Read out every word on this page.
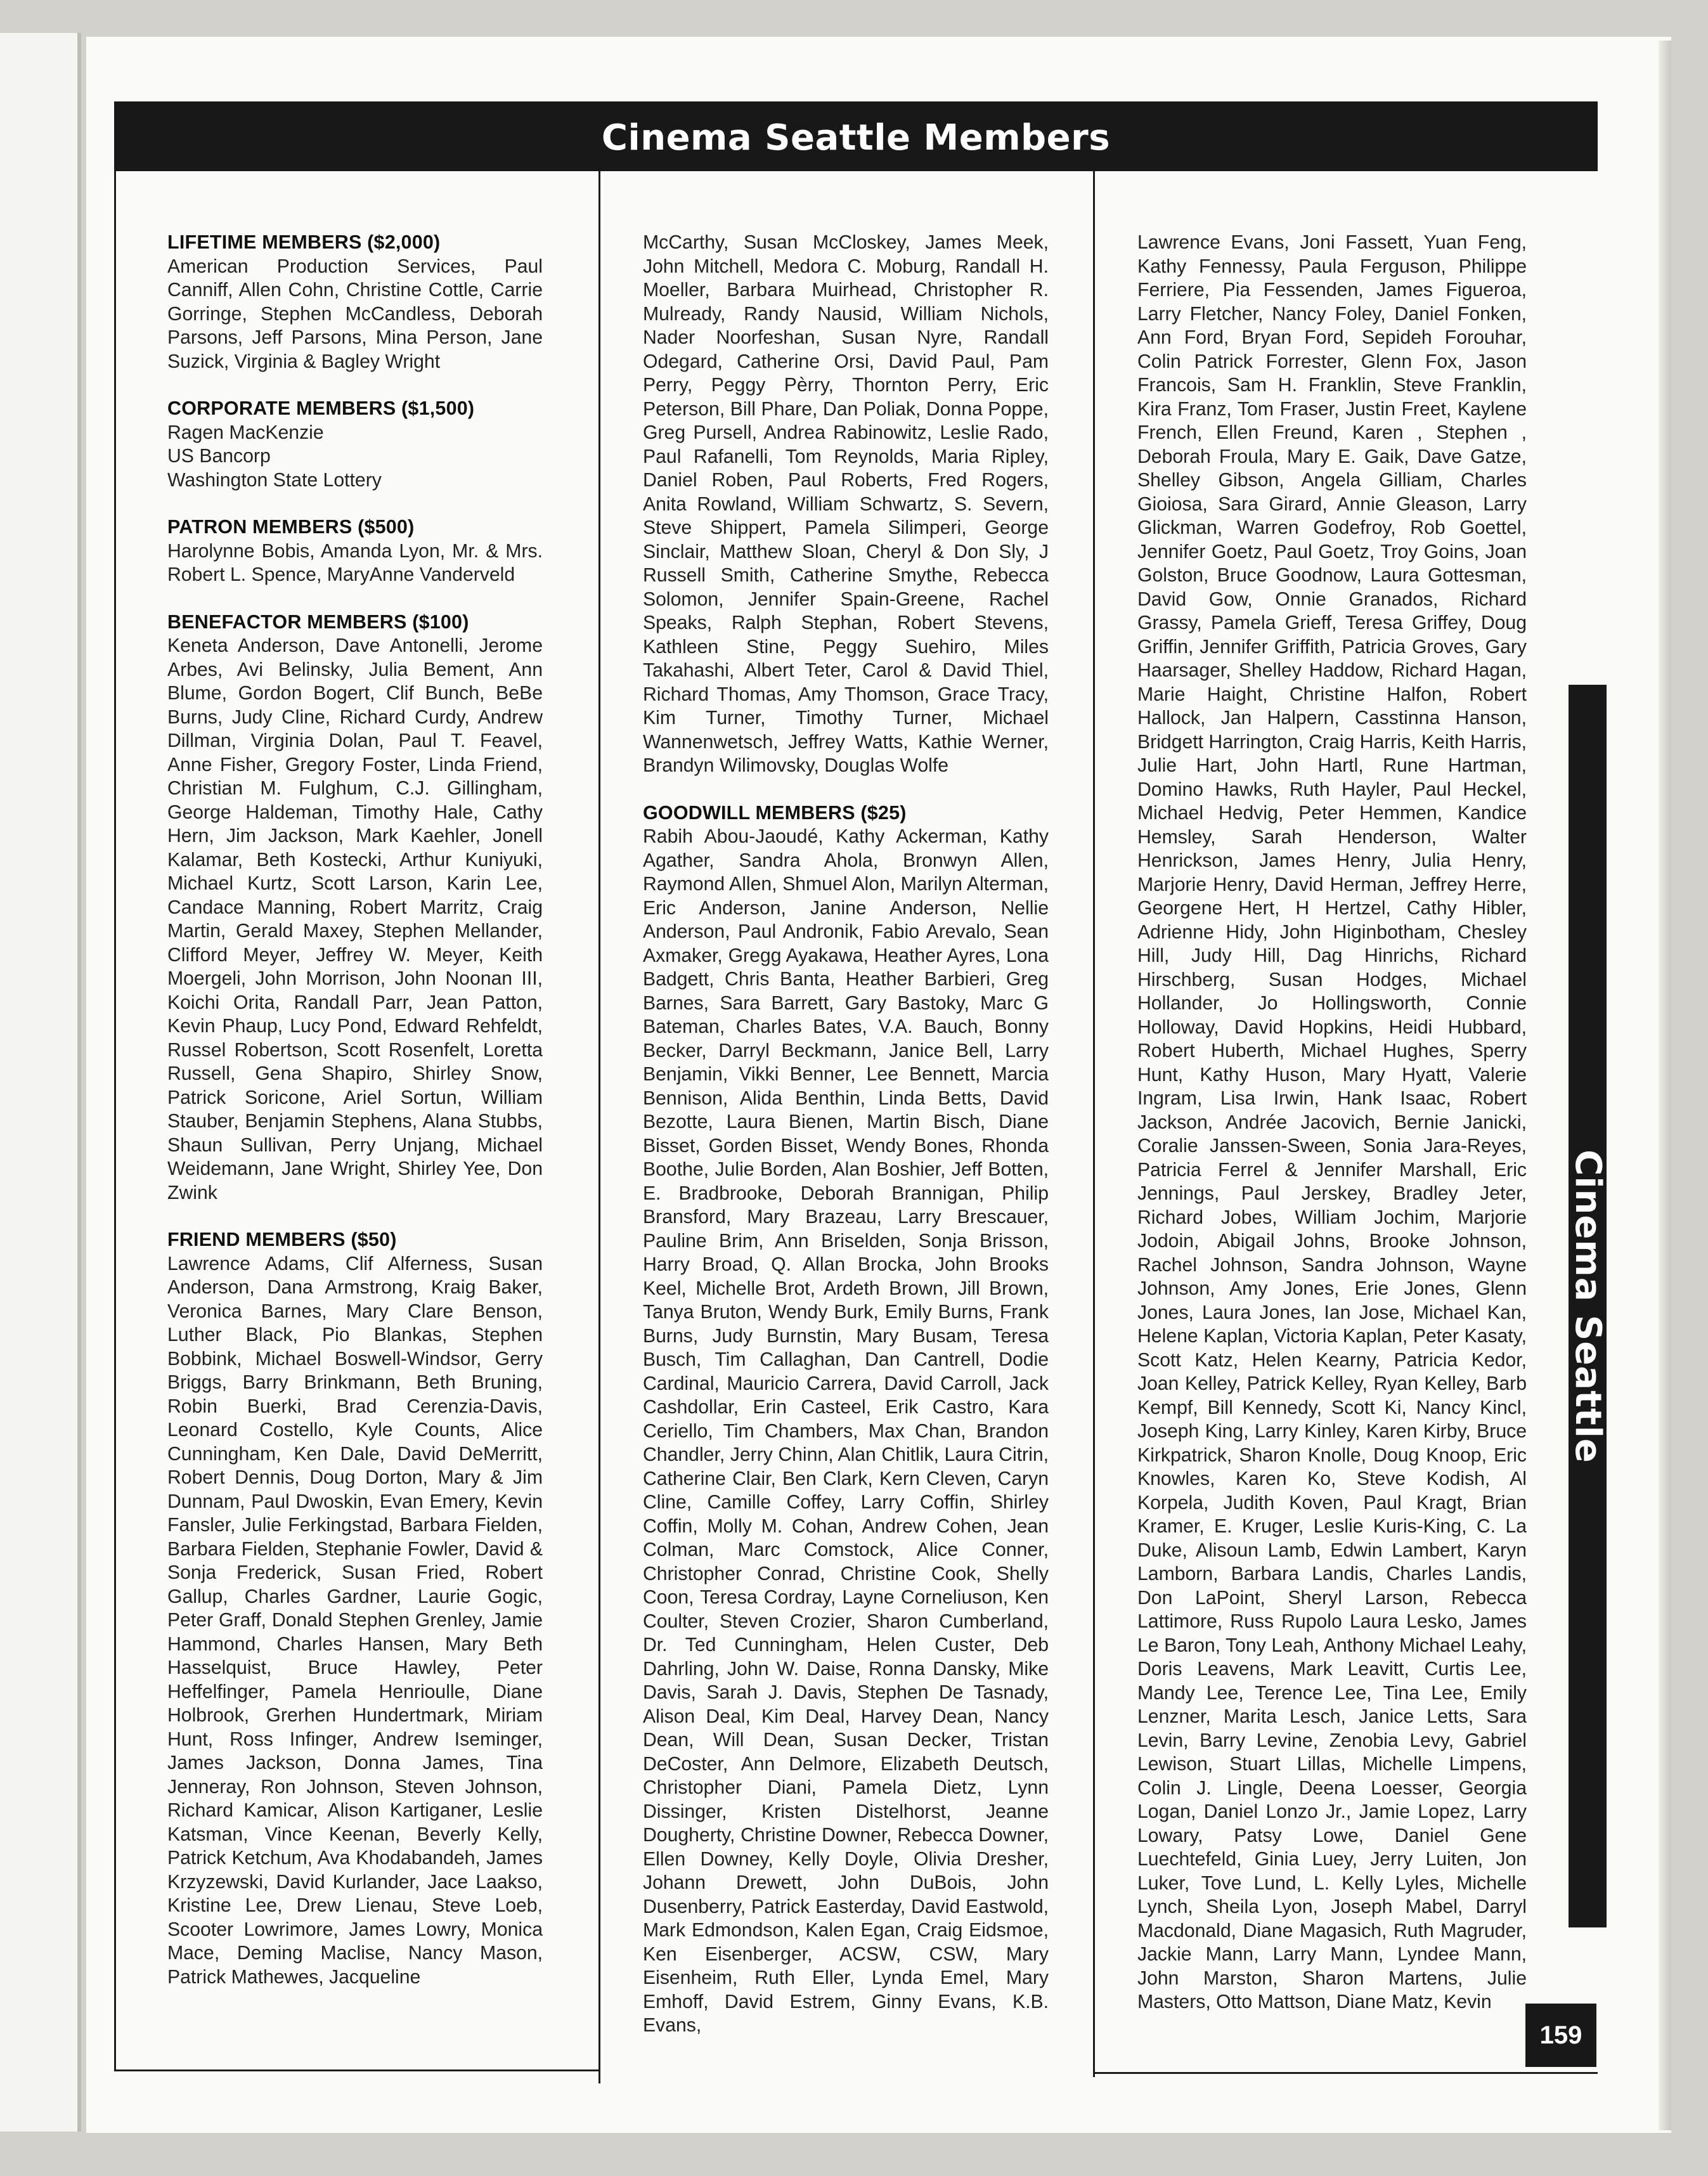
Cinema Seattle Members
LIFETIME MEMBERS ($2,000)
American Production Services, Paul Canniff, Allen Cohn, Christine Cottle, Carrie Gorringe, Stephen McCandless, Deborah Parsons, Jeff Parsons, Mina Person, Jane Suzick, Virginia & Bagley Wright
CORPORATE MEMBERS ($1,500)
Ragen MacKenzie
US Bancorp
Washington State Lottery
PATRON MEMBERS ($500)
Harolynne Bobis, Amanda Lyon, Mr. & Mrs. Robert L. Spence, MaryAnne Vanderveld
BENEFACTOR MEMBERS ($100)
Keneta Anderson, Dave Antonelli, Jerome Arbes, Avi Belinsky, Julia Bement, Ann Blume, Gordon Bogert, Clif Bunch, BeBe Burns, Judy Cline, Richard Curdy, Andrew Dillman, Virginia Dolan, Paul T. Feavel, Anne Fisher, Gregory Foster, Linda Friend, Christian M. Fulghum, C.J. Gillingham, George Haldeman, Timothy Hale, Cathy Hern, Jim Jackson, Mark Kaehler, Jonell Kalamar, Beth Kostecki, Arthur Kuniyuki, Michael Kurtz, Scott Larson, Karin Lee, Candace Manning, Robert Marritz, Craig Martin, Gerald Maxey, Stephen Mellander, Clifford Meyer, Jeffrey W. Meyer, Keith Moergeli, John Morrison, John Noonan III, Koichi Orita, Randall Parr, Jean Patton, Kevin Phaup, Lucy Pond, Edward Rehfeldt, Russel Robertson, Scott Rosenfelt, Loretta Russell, Gena Shapiro, Shirley Snow, Patrick Soricone, Ariel Sortun, William Stauber, Benjamin Stephens, Alana Stubbs, Shaun Sullivan, Perry Unjang, Michael Weidemann, Jane Wright, Shirley Yee, Don Zwink
FRIEND MEMBERS ($50)
Lawrence Adams, Clif Alferness, Susan Anderson, Dana Armstrong, Kraig Baker, Veronica Barnes, Mary Clare Benson, Luther Black, Pio Blankas, Stephen Bobbink, Michael Boswell-Windsor, Gerry Briggs, Barry Brinkmann, Beth Bruning, Robin Buerki, Brad Cerenzia-Davis, Leonard Costello, Kyle Counts, Alice Cunningham, Ken Dale, David DeMerritt, Robert Dennis, Doug Dorton, Mary & Jim Dunnam, Paul Dwoskin, Evan Emery, Kevin Fansler, Julie Ferkingstad, Barbara Fielden, Barbara Fielden, Stephanie Fowler, David & Sonja Frederick, Susan Fried, Robert Gallup, Charles Gardner, Laurie Gogic, Peter Graff, Donald Stephen Grenley, Jamie Hammond, Charles Hansen, Mary Beth Hasselquist, Bruce Hawley, Peter Heffelfinger, Pamela Henrioulle, Diane Holbrook, Grerhen Hundertmark, Miriam Hunt, Ross Infinger, Andrew Iseminger, James Jackson, Donna James, Tina Jenneray, Ron Johnson, Steven Johnson, Richard Kamicar, Alison Kartiganer, Leslie Katsman, Vince Keenan, Beverly Kelly, Patrick Ketchum, Ava Khodabandeh, James Krzyzewski, David Kurlander, Jace Laakso, Kristine Lee, Drew Lienau, Steve Loeb, Scooter Lowrimore, James Lowry, Monica Mace, Deming Maclise, Nancy Mason, Patrick Mathewes, Jacqueline
McCarthy, Susan McCloskey, James Meek, John Mitchell, Medora C. Moburg, Randall H. Moeller, Barbara Muirhead, Christopher R. Mulready, Randy Nausid, William Nichols, Nader Noorfeshan, Susan Nyre, Randall Odegard, Catherine Orsi, David Paul, Pam Perry, Peggy Pèrry, Thornton Perry, Eric Peterson, Bill Phare, Dan Poliak, Donna Poppe, Greg Pursell, Andrea Rabinowitz, Leslie Rado, Paul Rafanelli, Tom Reynolds, Maria Ripley, Daniel Roben, Paul Roberts, Fred Rogers, Anita Rowland, William Schwartz, S. Severn, Steve Shippert, Pamela Silimperi, George Sinclair, Matthew Sloan, Cheryl & Don Sly, J Russell Smith, Catherine Smythe, Rebecca Solomon, Jennifer Spain-Greene, Rachel Speaks, Ralph Stephan, Robert Stevens, Kathleen Stine, Peggy Suehiro, Miles Takahashi, Albert Teter, Carol & David Thiel, Richard Thomas, Amy Thomson, Grace Tracy, Kim Turner, Timothy Turner, Michael Wannenwetsch, Jeffrey Watts, Kathie Werner, Brandyn Wilimovsky, Douglas Wolfe
GOODWILL MEMBERS ($25)
Rabih Abou-Jaoudé, Kathy Ackerman, Kathy Agather, Sandra Ahola, Bronwyn Allen, Raymond Allen, Shmuel Alon, Marilyn Alterman, Eric Anderson, Janine Anderson, Nellie Anderson, Paul Andronik, Fabio Arevalo, Sean Axmaker, Gregg Ayakawa, Heather Ayres, Lona Badgett, Chris Banta, Heather Barbieri, Greg Barnes, Sara Barrett, Gary Bastoky, Marc G Bateman, Charles Bates, V.A. Bauch, Bonny Becker, Darryl Beckmann, Janice Bell, Larry Benjamin, Vikki Benner, Lee Bennett, Marcia Bennison, Alida Benthin, Linda Betts, David Bezotte, Laura Bienen, Martin Bisch, Diane Bisset, Gorden Bisset, Wendy Bones, Rhonda Boothe, Julie Borden, Alan Boshier, Jeff Botten, E. Bradbrooke, Deborah Brannigan, Philip Bransford, Mary Brazeau, Larry Brescauer, Pauline Brim, Ann Briselden, Sonja Brisson, Harry Broad, Q. Allan Brocka, John Brooks Keel, Michelle Brot, Ardeth Brown, Jill Brown, Tanya Bruton, Wendy Burk, Emily Burns, Frank Burns, Judy Burnstin, Mary Busam, Teresa Busch, Tim Callaghan, Dan Cantrell, Dodie Cardinal, Mauricio Carrera, David Carroll, Jack Cashdollar, Erin Casteel, Erik Castro, Kara Ceriello, Tim Chambers, Max Chan, Brandon Chandler, Jerry Chinn, Alan Chitlik, Laura Citrin, Catherine Clair, Ben Clark, Kern Cleven, Caryn Cline, Camille Coffey, Larry Coffin, Shirley Coffin, Molly M. Cohan, Andrew Cohen, Jean Colman, Marc Comstock, Alice Conner, Christopher Conrad, Christine Cook, Shelly Coon, Teresa Cordray, Layne Corneliuson, Ken Coulter, Steven Crozier, Sharon Cumberland, Dr. Ted Cunningham, Helen Custer, Deb Dahrling, John W. Daise, Ronna Dansky, Mike Davis, Sarah J. Davis, Stephen De Tasnady, Alison Deal, Kim Deal, Harvey Dean, Nancy Dean, Will Dean, Susan Decker, Tristan DeCoster, Ann Delmore, Elizabeth Deutsch, Christopher Diani, Pamela Dietz, Lynn Dissinger, Kristen Distelhorst, Jeanne Dougherty, Christine Downer, Rebecca Downer, Ellen Downey, Kelly Doyle, Olivia Dresher, Johann Drewett, John DuBois, John Dusenberry, Patrick Easterday, David Eastwold, Mark Edmondson, Kalen Egan, Craig Eidsmoe, Ken Eisenberger, ACSW, CSW, Mary Eisenheim, Ruth Eller, Lynda Emel, Mary Emhoff, David Estrem, Ginny Evans, K.B. Evans,
Lawrence Evans, Joni Fassett, Yuan Feng, Kathy Fennessy, Paula Ferguson, Philippe Ferriere, Pia Fessenden, James Figueroa, Larry Fletcher, Nancy Foley, Daniel Fonken, Ann Ford, Bryan Ford, Sepideh Forouhar, Colin Patrick Forrester, Glenn Fox, Jason Francois, Sam H. Franklin, Steve Franklin, Kira Franz, Tom Fraser, Justin Freet, Kaylene French, Ellen Freund, Karen , Stephen , Deborah Froula, Mary E. Gaik, Dave Gatze, Shelley Gibson, Angela Gilliam, Charles Gioiosa, Sara Girard, Annie Gleason, Larry Glickman, Warren Godefroy, Rob Goettel, Jennifer Goetz, Paul Goetz, Troy Goins, Joan Golston, Bruce Goodnow, Laura Gottesman, David Gow, Onnie Granados, Richard Grassy, Pamela Grieff, Teresa Griffey, Doug Griffin, Jennifer Griffith, Patricia Groves, Gary Haarsager, Shelley Haddow, Richard Hagan, Marie Haight, Christine Halfon, Robert Hallock, Jan Halpern, Casstinna Hanson, Bridgett Harrington, Craig Harris, Keith Harris, Julie Hart, John Hartl, Rune Hartman, Domino Hawks, Ruth Hayler, Paul Heckel, Michael Hedvig, Peter Hemmen, Kandice Hemsley, Sarah Henderson, Walter Henrickson, James Henry, Julia Henry, Marjorie Henry, David Herman, Jeffrey Herre, Georgene Hert, H Hertzel, Cathy Hibler, Adrienne Hidy, John Higinbotham, Chesley Hill, Judy Hill, Dag Hinrichs, Richard Hirschberg, Susan Hodges, Michael Hollander, Jo Hollingsworth, Connie Holloway, David Hopkins, Heidi Hubbard, Robert Huberth, Michael Hughes, Sperry Hunt, Kathy Huson, Mary Hyatt, Valerie Ingram, Lisa Irwin, Hank Isaac, Robert Jackson, Andrée Jacovich, Bernie Janicki, Coralie Janssen-Sween, Sonia Jara-Reyes, Patricia Ferrel & Jennifer Marshall, Eric Jennings, Paul Jerskey, Bradley Jeter, Richard Jobes, William Jochim, Marjorie Jodoin, Abigail Johns, Brooke Johnson, Rachel Johnson, Sandra Johnson, Wayne Johnson, Amy Jones, Erie Jones, Glenn Jones, Laura Jones, Ian Jose, Michael Kan, Helene Kaplan, Victoria Kaplan, Peter Kasaty, Scott Katz, Helen Kearny, Patricia Kedor, Joan Kelley, Patrick Kelley, Ryan Kelley, Barb Kempf, Bill Kennedy, Scott Ki, Nancy Kincl, Joseph King, Larry Kinley, Karen Kirby, Bruce Kirkpatrick, Sharon Knolle, Doug Knoop, Eric Knowles, Karen Ko, Steve Kodish, Al Korpela, Judith Koven, Paul Kragt, Brian Kramer, E. Kruger, Leslie Kuris-King, C. La Duke, Alisoun Lamb, Edwin Lambert, Karyn Lamborn, Barbara Landis, Charles Landis, Don LaPoint, Sheryl Larson, Rebecca Lattimore, Russ Rupolo Laura Lesko, James Le Baron, Tony Leah, Anthony Michael Leahy, Doris Leavens, Mark Leavitt, Curtis Lee, Mandy Lee, Terence Lee, Tina Lee, Emily Lenzner, Marita Lesch, Janice Letts, Sara Levin, Barry Levine, Zenobia Levy, Gabriel Lewison, Stuart Lillas, Michelle Limpens, Colin J. Lingle, Deena Loesser, Georgia Logan, Daniel Lonzo Jr., Jamie Lopez, Larry Lowary, Patsy Lowe, Daniel Gene Luechtefeld, Ginia Luey, Jerry Luiten, Jon Luker, Tove Lund, L. Kelly Lyles, Michelle Lynch, Sheila Lyon, Joseph Mabel, Darryl Macdonald, Diane Magasich, Ruth Magruder, Jackie Mann, Larry Mann, Lyndee Mann, John Marston, Sharon Martens, Julie Masters, Otto Mattson, Diane Matz, Kevin
Cinema Seattle
159
